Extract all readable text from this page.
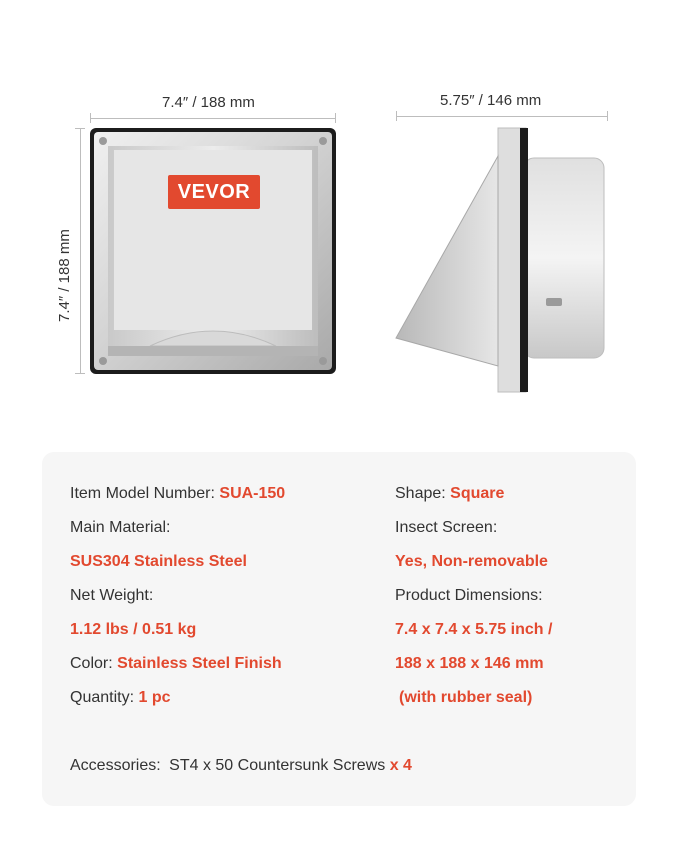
7.4″ / 188 mm	5.75″ / 146 mm
7.4″ / 188 mm
VEVOR
Item Model Number: SUA-150
Main Material:
SUS304 Stainless Steel
Net Weight:
1.12 lbs / 0.51 kg
Color: Stainless Steel Finish
Quantity: 1 pc
Shape: Square
Insect Screen:
Yes, Non-removable
Product Dimensions:
7.4 x 7.4 x 5.75 inch /
188 x 188 x 146 mm
(with rubber seal)
Accessories: ST4 x 50 Countersunk Screws x 4
